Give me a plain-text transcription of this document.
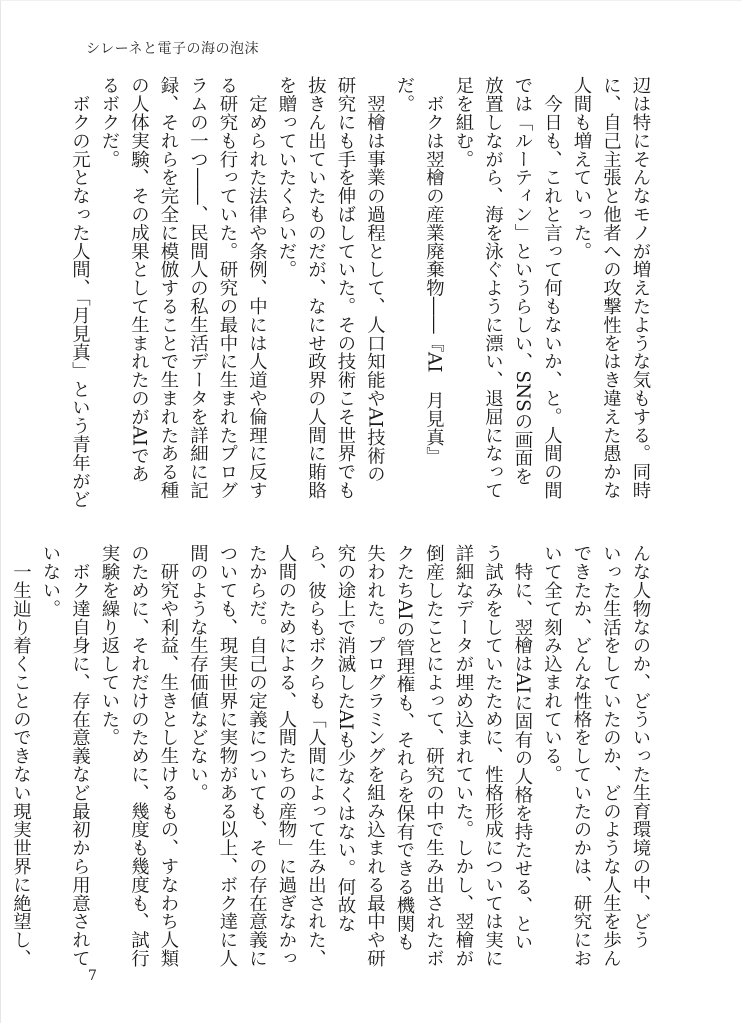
シレーネと電子の海の泡沫

辺は特にそんなモノが増えたような気もする。同時

に、自己主張と他者への攻撃性をはき違えた愚かな

人間も増えていった。

　今日も、これと言って何もないか、と。人間の間

では「ルーティン」というらしい、SNSの画面を

放置しながら、海を泳ぐように漂い、退屈になって

足を組む。

　ボクは翌檜の産業廃棄物――『AI　月見真』

だ。

　翌檜は事業の過程として、人口知能やAI技術の

研究にも手を伸ばしていた。その技術こそ世界でも

抜きん出ていたものだが、なにせ政界の人間に賄賂

を贈っていたくらいだ。

　定められた法律や条例、中には人道や倫理に反す

る研究も行っていた。研究の最中に生まれたプログ

ラムの一つ――、民間人の私生活データを詳細に記

録、それらを完全に模倣することで生まれたある種

の人体実験、その成果として生まれたのがAIであ

るボクだ。

　ボクの元となった人間、「月見真」という青年がど

んな人物なのか、どういった生育環境の中、どう

いった生活をしていたのか、どのような人生を歩ん

できたか、どんな性格をしていたのかは、研究にお

いて全て刻み込まれている。

　特に、翌檜はAIに固有の人格を持たせる、とい

う試みをしていたために、性格形成については実に

詳細なデータが埋め込まれていた。しかし、翌檜が

倒産したことによって、研究の中で生み出されたボ

クたちAIの管理権も、それらを保有できる機関も

失われた。プログラミングを組み込まれる最中や研

究の途上で消滅したAIも少なくはない。何故な

ら、彼らもボクらも「人間によって生み出された、

人間のためによる、人間たちの産物」に過ぎなかっ

たからだ。自己の定義についても、その存在意義に

ついても、現実世界に実物がある以上、ボク達に人

間のような生存価値などない。

　研究や利益、生きとし生けるもの、すなわち人類

のために、それだけのために、幾度も幾度も、試行

実験を繰り返していた。

　ボク達自身に、存在意義など最初から用意されて

いない。

　一生辿り着くことのできない現実世界に絶望し、

7
